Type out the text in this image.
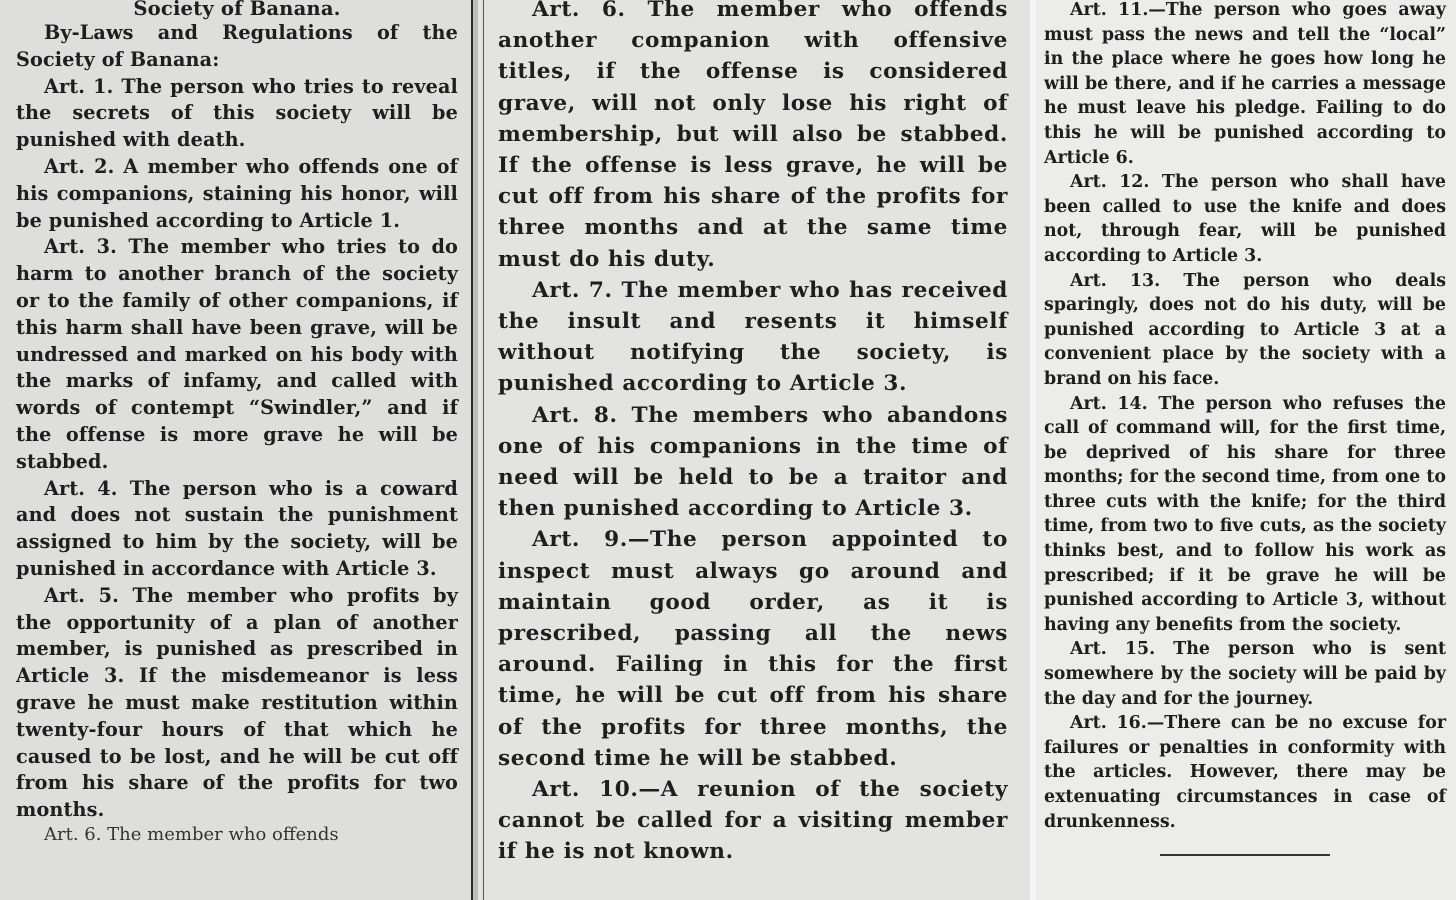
Society of Banana.

By-Laws and Regulations of the Society of Banana:

Art. 1. The person who tries to reveal the secrets of this society will be punished with death.

Art. 2. A member who offends one of his companions, staining his honor, will be punished according to Article 1.

Art. 3. The member who tries to do harm to another branch of the society or to the family of other companions, if this harm shall have been grave, will be undressed and marked on his body with the marks of infamy, and called with words of contempt “Swindler,” and if the offense is more grave he will be stabbed.

Art. 4. The person who is a coward and does not sustain the punishment assigned to him by the society, will be punished in accordance with Article 3.

Art. 5. The member who profits by the opportunity of a plan of another member, is punished as prescribed in Article 3. If the misdemeanor is less grave he must make restitution within twenty-four hours of that which he caused to be lost, and he will be cut off from his share of the profits for two months.

Art. 6. The member who offends

Art. 6. The member who offends another companion with offensive titles, if the offense is considered grave, will not only lose his right of membership, but will also be stabbed. If the offense is less grave, he will be cut off from his share of the profits for three months and at the same time must do his duty.

Art. 7. The member who has received the insult and resents it himself without notifying the society, is punished according to Article 3.

Art. 8. The members who abandons one of his companions in the time of need will be held to be a traitor and then punished according to Article 3.

Art. 9.—The person appointed to inspect must always go around and maintain good order, as it is prescribed, passing all the news around. Failing in this for the first time, he will be cut off from his share of the profits for three months, the second time he will be stabbed.

Art. 10.—A reunion of the society cannot be called for a visiting member if he is not known.

Art. 11.—The person who goes away must pass the news and tell the “local” in the place where he goes how long he will be there, and if he carries a message he must leave his pledge. Failing to do this he will be punished according to Article 6.

Art. 12. The person who shall have been called to use the knife and does not, through fear, will be punished according to Article 3.

Art. 13. The person who deals sparingly, does not do his duty, will be punished according to Article 3 at a convenient place by the society with a brand on his face.

Art. 14. The person who refuses the call of command will, for the first time, be deprived of his share for three months; for the second time, from one to three cuts with the knife; for the third time, from two to five cuts, as the society thinks best, and to follow his work as prescribed; if it be grave he will be punished according to Article 3, without having any benefits from the society.

Art. 15. The person who is sent somewhere by the society will be paid by the day and for the journey.

Art. 16.—There can be no excuse for failures or penalties in conformity with the articles. However, there may be extenuating circumstances in case of drunkenness.
